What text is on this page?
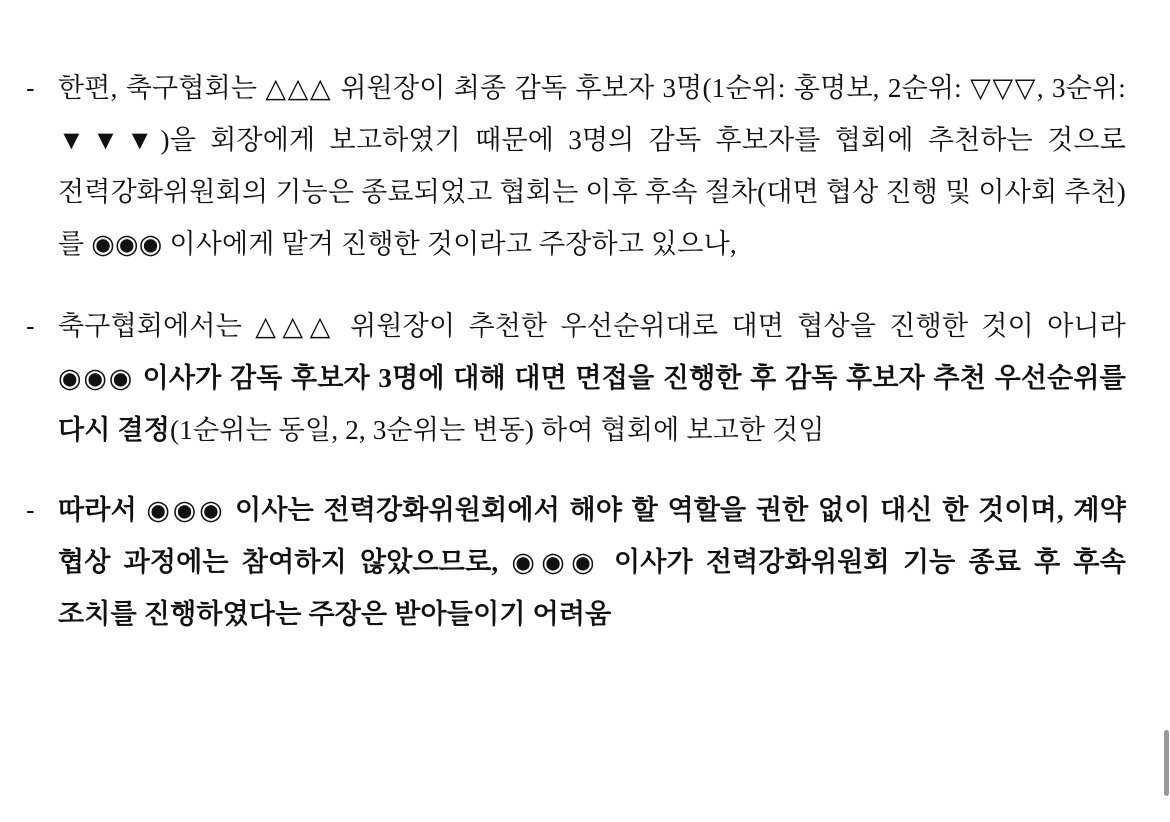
- 한편, 축구협회는 △△△ 위원장이 최종 감독 후보자 3명(1순위: 홍명보, 2순위: ▽▽▽, 3순위: ▼▼▼)을 회장에게 보고하였기 때문에 3명의 감독 후보자를 협회에 추천하는 것으로 전력강화위원회의 기능은 종료되었고 협회는 이후 후속 절차(대면 협상 진행 및 이사회 추천)를 ◉◉◉ 이사에게 맡겨 진행한 것이라고 주장하고 있으나,
- 축구협회에서는 △△△ 위원장이 추천한 우선순위대로 대면 협상을 진행한 것이 아니라 ◉◉◉ 이사가 감독 후보자 3명에 대해 대면 면접을 진행한 후 감독 후보자 추천 우선순위를 다시 결정(1순위는 동일, 2, 3순위는 변동) 하여 협회에 보고한 것임
- 따라서 ◉◉◉ 이사는 전력강화위원회에서 해야 할 역할을 권한 없이 대신 한 것이며, 계약 협상 과정에는 참여하지 않았으므로, ◉◉◉ 이사가 전력강화위원회 기능 종료 후 후속 조치를 진행하였다는 주장은 받아들이기 어려움
